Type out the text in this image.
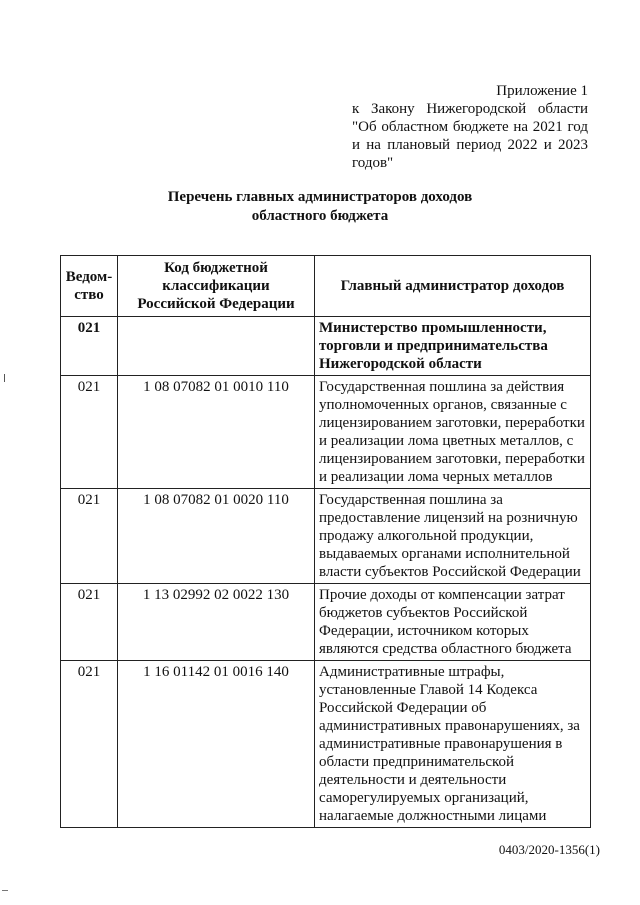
Приложение 1
к Закону Нижегородской области
"Об областном бюджете на 2021 год
и на плановый период 2022 и 2023
годов"
Перечень главных администраторов доходов
областного бюджета
Ведом-ство	Код бюджетной классификации Российской Федерации	Главный администратор доходов
021		Министерство промышленности, торговли и предпринимательства Нижегородской области
021	1 08 07082 01 0010 110	Государственная пошлина за действия уполномоченных органов, связанные с лицензированием заготовки, переработки и реализации лома цветных металлов, с лицензированием заготовки, переработки и реализации лома черных металлов
021	1 08 07082 01 0020 110	Государственная пошлина за предоставление лицензий на розничную продажу алкогольной продукции, выдаваемых органами исполнительной власти субъектов Российской Федерации
021	1 13 02992 02 0022 130	Прочие доходы от компенсации затрат бюджетов субъектов Российской Федерации, источником которых являются средства областного бюджета
021	1 16 01142 01 0016 140	Административные штрафы, установленные Главой 14 Кодекса Российской Федерации об административных правонарушениях, за административные правонарушения в области предпринимательской деятельности и деятельности саморегулируемых организаций, налагаемые должностными лицами
0403/2020-1356(1)
